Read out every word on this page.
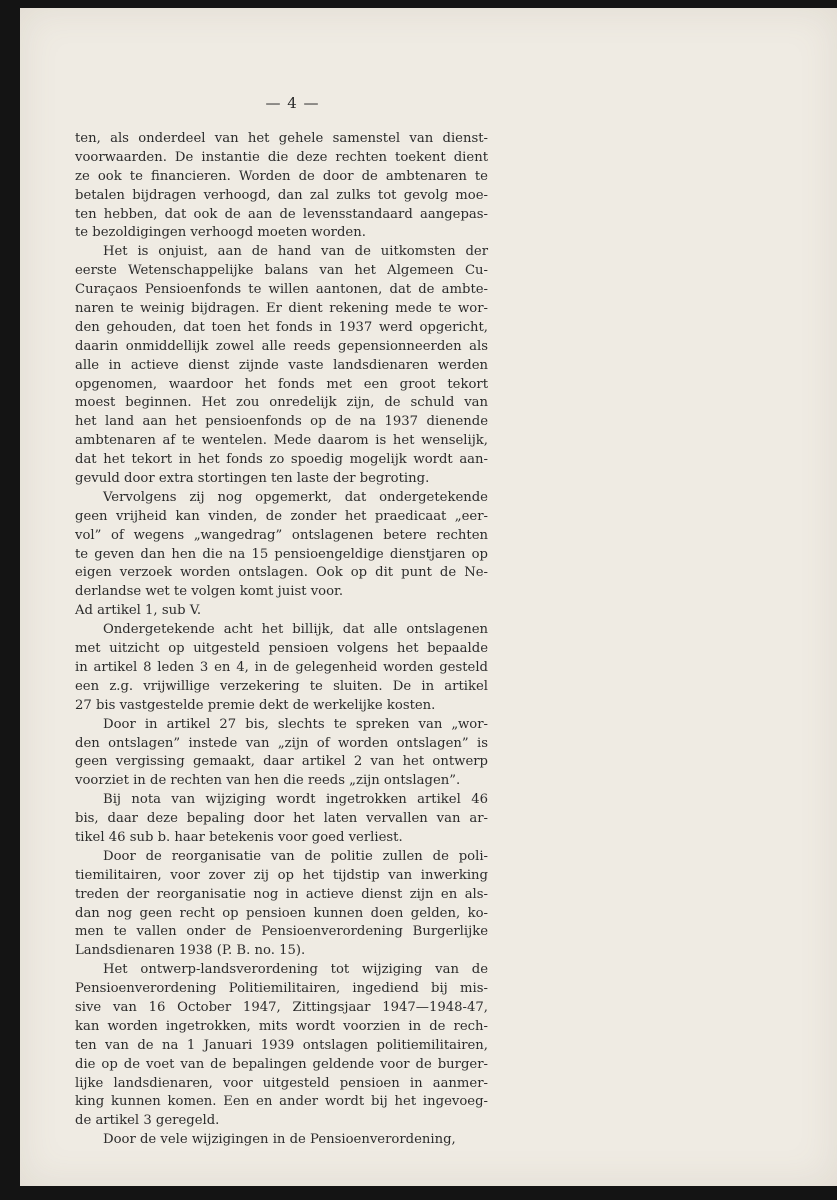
— 4 —
ten, als onderdeel van het gehele samenstel van dienst-
voorwaarden. De instantie die deze rechten toekent dient
ze ook te financieren. Worden de door de ambtenaren te
betalen bijdragen verhoogd, dan zal zulks tot gevolg moe-
ten hebben, dat ook de aan de levensstandaard aangepas-
te bezoldigingen verhoogd moeten worden.
Het is onjuist, aan de hand van de uitkomsten der
eerste Wetenschappelijke balans van het Algemeen Cu-
Curaçaos Pensioenfonds te willen aantonen, dat de ambte-
naren te weinig bijdragen. Er dient rekening mede te wor-
den gehouden, dat toen het fonds in 1937 werd opgericht,
daarin onmiddellijk zowel alle reeds gepensionneerden als
alle in actieve dienst zijnde vaste landsdienaren werden
opgenomen, waardoor het fonds met een groot tekort
moest beginnen. Het zou onredelijk zijn, de schuld van
het land aan het pensioenfonds op de na 1937 dienende
ambtenaren af te wentelen. Mede daarom is het wenselijk,
dat het tekort in het fonds zo spoedig mogelijk wordt aan-
gevuld door extra stortingen ten laste der begroting.
Vervolgens zij nog opgemerkt, dat ondergetekende
geen vrijheid kan vinden, de zonder het praedicaat „eer-
vol” of wegens „wangedrag” ontslagenen betere rechten
te geven dan hen die na 15 pensioengeldige dienstjaren op
eigen verzoek worden ontslagen. Ook op dit punt de Ne-
derlandse wet te volgen komt juist voor.
Ad artikel 1, sub V.
Ondergetekende acht het billijk, dat alle ontslagenen
met uitzicht op uitgesteld pensioen volgens het bepaalde
in artikel 8 leden 3 en 4, in de gelegenheid worden gesteld
een z.g. vrijwillige verzekering te sluiten. De in artikel
27 bis vastgestelde premie dekt de werkelijke kosten.
Door in artikel 27 bis, slechts te spreken van „wor-
den ontslagen” instede van „zijn of worden ontslagen” is
geen vergissing gemaakt, daar artikel 2 van het ontwerp
voorziet in de rechten van hen die reeds „zijn ontslagen”.
Bij nota van wijziging wordt ingetrokken artikel 46
bis, daar deze bepaling door het laten vervallen van ar-
tikel 46 sub b. haar betekenis voor goed verliest.
Door de reorganisatie van de politie zullen de poli-
tiemilitairen, voor zover zij op het tijdstip van inwerking
treden der reorganisatie nog in actieve dienst zijn en als-
dan nog geen recht op pensioen kunnen doen gelden, ko-
men te vallen onder de Pensioenverordening Burgerlijke
Landsdienaren 1938 (P. B. no. 15).
Het ontwerp-landsverordening tot wijziging van de
Pensioenverordening Politiemilitairen, ingediend bij mis-
sive van 16 October 1947, Zittingsjaar 1947—1948-47,
kan worden ingetrokken, mits wordt voorzien in de rech-
ten van de na 1 Januari 1939 ontslagen politiemilitairen,
die op de voet van de bepalingen geldende voor de burger-
lijke landsdienaren, voor uitgesteld pensioen in aanmer-
king kunnen komen. Een en ander wordt bij het ingevoeg-
de artikel 3 geregeld.
Door de vele wijzigingen in de Pensioenverordening,
